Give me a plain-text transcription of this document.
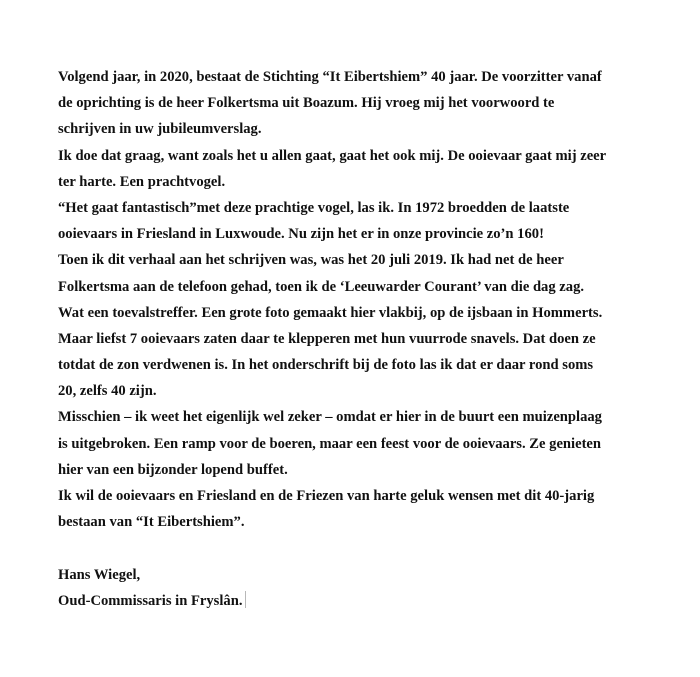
Volgend jaar, in 2020, bestaat de Stichting “It Eibertshiem” 40 jaar. De voorzitter vanaf
de oprichting is de heer Folkertsma uit Boazum. Hij vroeg mij het voorwoord te
schrijven in uw jubileumverslag.
Ik doe dat graag, want zoals het u allen gaat, gaat het ook mij. De ooievaar gaat mij zeer
ter harte. Een prachtvogel.
“Het gaat fantastisch”met deze prachtige vogel, las ik. In 1972 broedden de laatste
ooievaars in Friesland in Luxwoude. Nu zijn het er in onze provincie zo’n 160!
Toen ik dit verhaal aan het schrijven was, was het 20 juli 2019. Ik had net de heer
Folkertsma aan de telefoon gehad, toen ik de ‘Leeuwarder Courant’ van die dag zag.
Wat een toevalstreffer. Een grote foto gemaakt hier vlakbij, op de ijsbaan in Hommerts.
Maar liefst 7 ooievaars zaten daar te klepperen met hun vuurrode snavels. Dat doen ze
totdat de zon verdwenen is. In het onderschrift bij de foto las ik dat er daar rond soms
20, zelfs 40 zijn.
Misschien – ik weet het eigenlijk wel zeker – omdat er hier in de buurt een muizenplaag
is uitgebroken. Een ramp voor de boeren, maar een feest voor de ooievaars. Ze genieten
hier van een bijzonder lopend buffet.
Ik wil de ooievaars en Friesland en de Friezen van harte geluk wensen met dit 40-jarig
bestaan van “It Eibertshiem”.
Hans Wiegel,
Oud-Commissaris in Fryslân.
